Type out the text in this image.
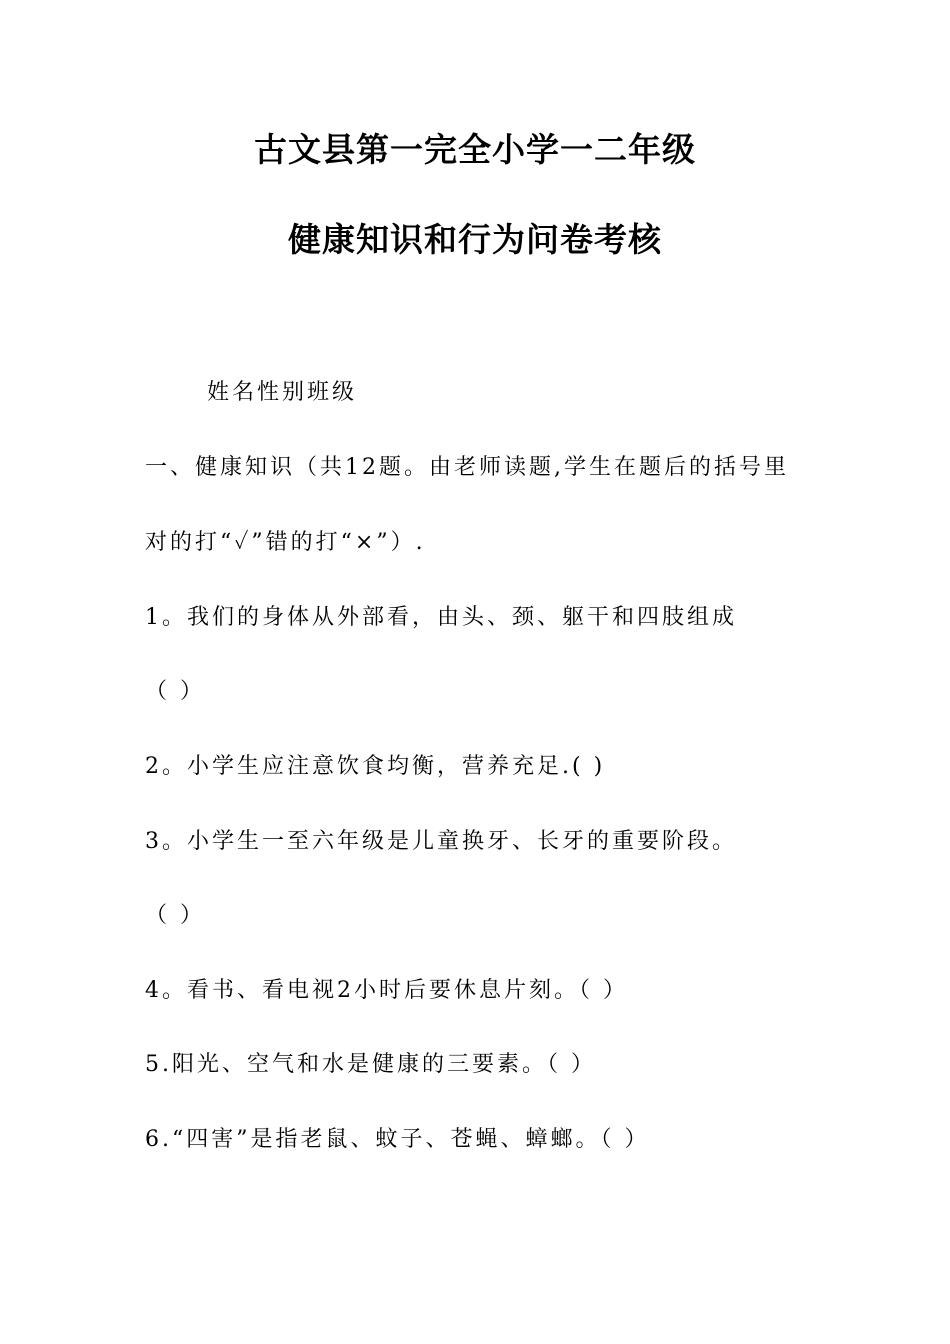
古文县第一完全小学一二年级
健康知识和行为问卷考核
姓名性别班级
一、健康知识（共12题。由老师读题,学生在题后的括号里
对的打“✓”错的打“×”）.
1。我们的身体从外部看，由头、颈、躯干和四肢组成
（ ）
2。小学生应注意饮食均衡，营养充足.( )
3。小学生一至六年级是儿童换牙、长牙的重要阶段。
（ ）
4。看书、看电视2小时后要休息片刻。（ ）
5.阳光、空气和水是健康的三要素。（ ）
6.“四害”是指老鼠、蚊子、苍蝇、蟑螂。（ ）
